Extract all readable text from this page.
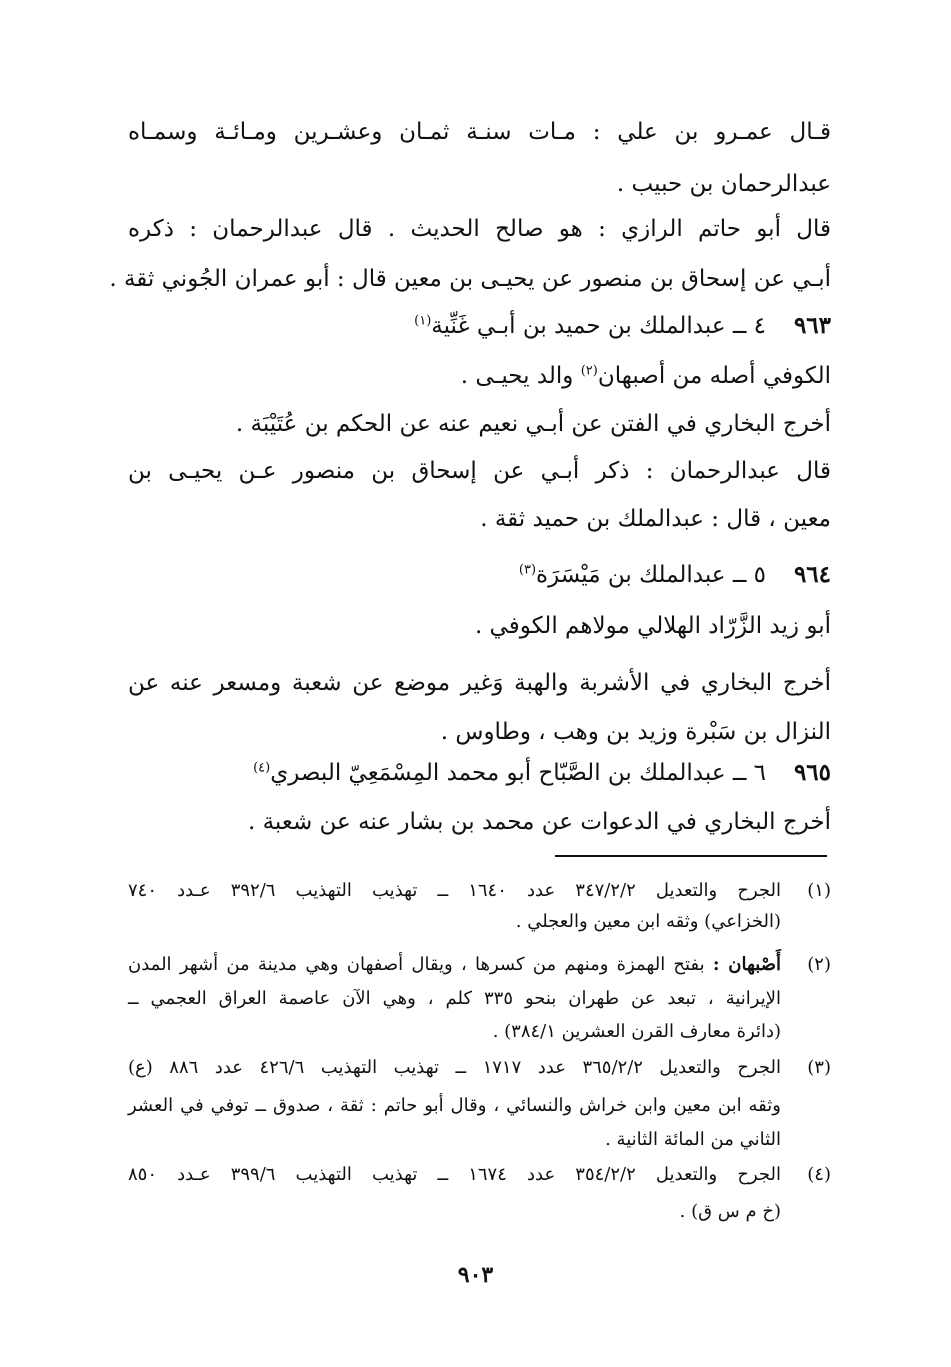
قـال عمـرو بن علي : مـات سنـة ثمـان وعشـرين ومـائـة وسمـاه
عبدالرحمان بن حبيب .
قال أبو حاتم الرازي : هو صالح الحديث . قال عبدالرحمان : ذكره
أبـي عن إسحاق بن منصور عن يحيـى بن معين قال : أبو عمران الجُوني ثقة .
٩٦٣
٤ ــ عبدالملك بن حميد بن أبـي غَنِّية$^{(١)}$
الكوفي أصله من أصبهان$^{(٢)}$ والد يحيـى .
أخرج البخاري في الفتن عن أبـي نعيم عنه عن الحكم بن عُتَيْبَة .
قال عبدالرحمان : ذكر أبـي عن إسحاق بن منصور عـن يحيـى بن
معين ، قال : عبدالملك بن حميد ثقة .
٩٦٤
٥ ــ عبدالملك بن مَيْسَرَة$^{(٣)}$
أبو زيد الزَّرّاد الهلالي مولاهم الكوفي .
أخرج البخاري في الأشربة والهبة وَغير موضع عن شعبة ومسعر عنه عن
النزال بن سَبْرة وزيد بن وهب ، وطاوس .
٩٦٥
٦ ــ عبدالملك بن الصَّبّاح أبو محمد المِسْمَعِيّ البصري$^{(٤)}$
أخرج البخاري في الدعوات عن محمد بن بشار عنه عن شعبة .
(١)
الجرح والتعديل ٣٤٧/٢/٢ عدد ١٦٤٠ ــ تهذيب التهذيب ٣٩٢/٦ عـدد ٧٤٠
(الخزاعي) وثقه ابن معين والعجلي .
(٢)
أَصْبهان : بفتح الهمزة ومنهم من كسرها ، ويقال أصفهان وهي مدينة من أشهر المدن
الإيرانية ، تبعد عن طهران بنحو ٣٣٥ كلم ، وهي الآن عاصمة العراق العجمي ــ
(دائرة معارف القرن العشرين ٣٨٤/١) .
(٣)
الجرح والتعديل ٣٦٥/٢/٢ عدد ١٧١٧ ــ تهذيب التهذيب ٤٢٦/٦ عدد ٨٨٦ (ع)
وثقه ابن معين وابن خراش والنسائي ، وقال أبو حاتم : ثقة ، صدوق ــ توفي في العشر
الثاني من المائة الثانية .
(٤)
الجرح والتعديل ٣٥٤/٢/٢ عدد ١٦٧٤ ــ تهذيب التهذيب ٣٩٩/٦ عـدد ٨٥٠
(خ م س ق) .
٩٠٣
